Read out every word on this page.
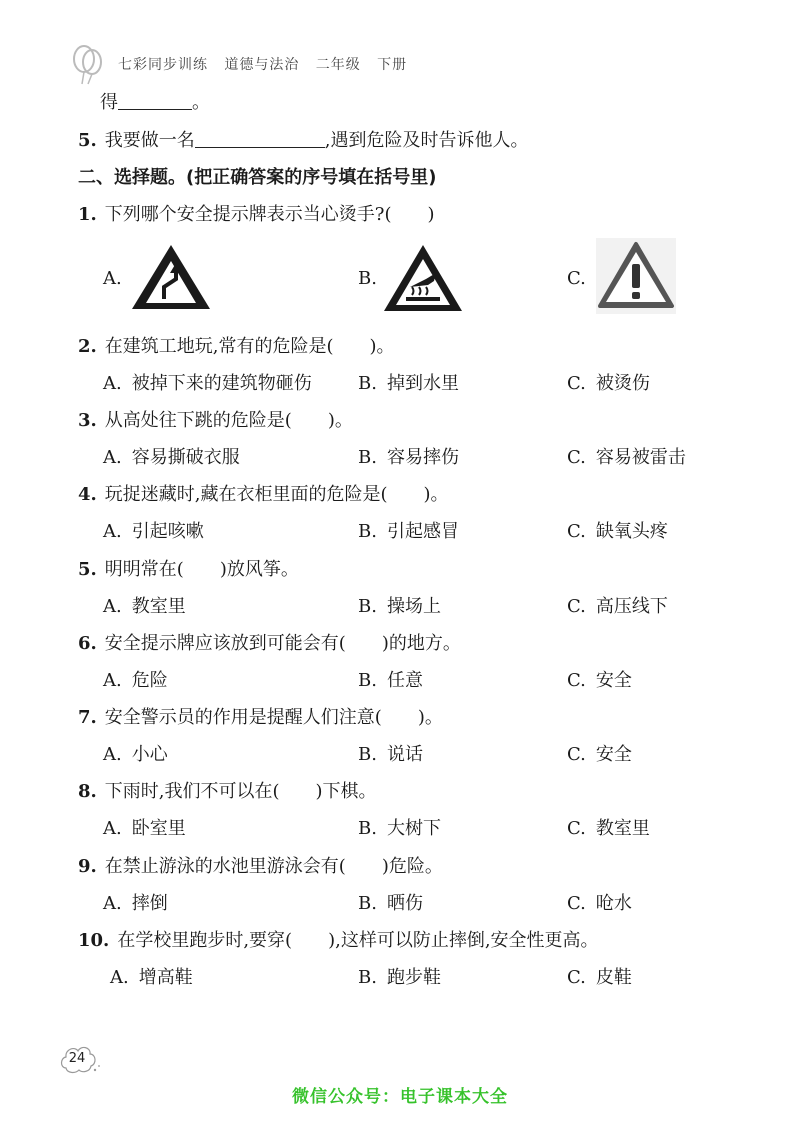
七彩同步训练 道德与法治 二年级 下册
得	。
5. 我要做一名	,遇到危险及时告诉他人。
二、选择题。(把正确答案的序号填在括号里)
1. 下列哪个安全提示牌表示当心烫手?(　　)
A.	B.	C.
2. 在建筑工地玩,常有的危险是(　　)。
A. 被掉下来的建筑物砸伤	B. 掉到水里	C. 被烫伤
3. 从高处往下跳的危险是(　　)。
A. 容易撕破衣服	B. 容易摔伤	C. 容易被雷击
4. 玩捉迷藏时,藏在衣柜里面的危险是(　　)。
A. 引起咳嗽	B. 引起感冒	C. 缺氧头疼
5. 明明常在(　　)放风筝。
A. 教室里	B. 操场上	C. 高压线下
6. 安全提示牌应该放到可能会有(　　)的地方。
A. 危险	B. 任意	C. 安全
7. 安全警示员的作用是提醒人们注意(　　)。
A. 小心	B. 说话	C. 安全
8. 下雨时,我们不可以在(　　)下棋。
A. 卧室里	B. 大树下	C. 教室里
9. 在禁止游泳的水池里游泳会有(　　)危险。
A. 摔倒	B. 晒伤	C. 呛水
10. 在学校里跑步时,要穿(　　),这样可以防止摔倒,安全性更高。
A. 增高鞋	B. 跑步鞋	C. 皮鞋
24
微信公众号：电子课本大全
